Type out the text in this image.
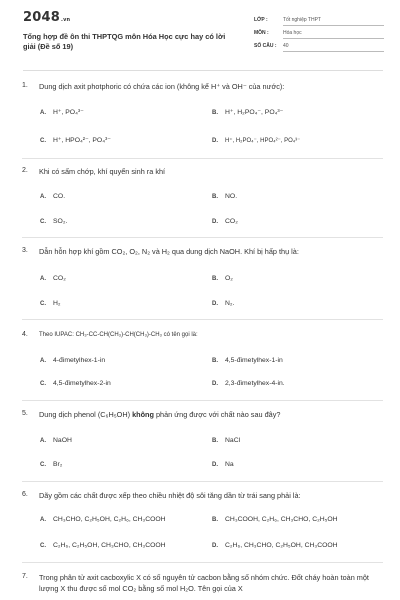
2048.vn
Tổng hợp đề ôn thi THPTQG môn Hóa Học cực hay có lời giải (Đề số 19)
LỚP :	Tốt nghiệp THPT
MÔN :	Hóa học
SỐ CÂU : 40
1. Dung dịch axit photphoric có chứa các ion (không kể H⁺ và OH⁻ của nước):
A. H⁺, PO₄³⁻	B. H⁺, H₂PO₄⁻, PO₄³⁻
C. H⁺, HPO₄²⁻, PO₄³⁻	D. H⁺, H₂PO₄⁻, HPO₄²⁻, PO₄³⁻
2. Khi có sấm chớp, khí quyển sinh ra khí
A. CO.	B. NO.
C. SO₂.	D. CO₂
3. Dẫn hỗn hợp khí gồm CO₂, O₂, N₂ và H₂ qua dung dịch NaOH. Khí bị hấp thụ là:
A. CO₂	B. O₂
C. H₂	D. N₂.
4. Theo IUPAC: CH₃-CC-CH(CH₃)-CH(CH₃)-CH₃ có tên gọi là:
A. 4-đimetylhex-1-in	B. 4,5-đimetylhex-1-in
C. 4,5-đimetylhex-2-in	D. 2,3-đimetylhex-4-in.
5. Dung dịch phenol (C₆H₅OH) không phản ứng được với chất nào sau đây?
A. NaOH	B. NaCl
C. Br₂	D. Na
6. Dãy gồm các chất được xếp theo chiều nhiệt độ sôi tăng dần từ trái sang phải là:
A. CH₃CHO, C₂H₅OH, C₂H₆, CH₃COOH	B. CH₃COOH, C₂H₆, CH₃CHO, C₂H₅OH
C. C₂H₆, C₂H₅OH, CH₃CHO, CH₃COOH	D. C₂H₆, CH₃CHO, C₂H₅OH, CH₃COOH
7. Trong phân tử axit cacboxylic X có số nguyên tử cacbon bằng số nhóm chức. Đốt cháy hoàn toàn một lượng X thu được số mol CO₂ bằng số mol H₂O. Tên gọi của X
